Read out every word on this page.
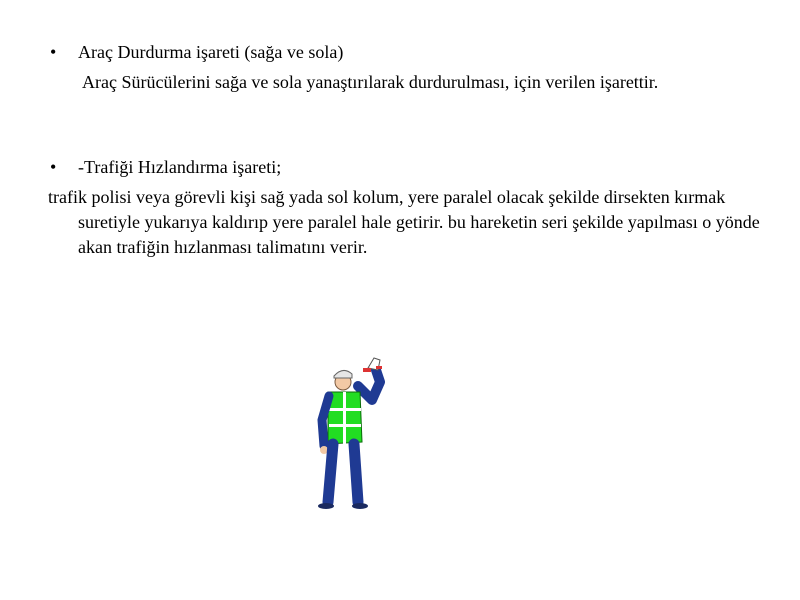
• Araç Durdurma işareti (sağa ve sola)
Araç Sürücülerini sağa ve sola yanaştırılarak durdurulması, için verilen işarettir.
• -Trafiği Hızlandırma işareti;
trafik polisi veya görevli kişi sağ yada sol kolum, yere paralel olacak şekilde dirsekten kırmak suretiyle yukarıya kaldırıp yere paralel hale getirir. bu hareketin seri şekilde yapılması o yönde akan trafiğin hızlanması talimatını verir.
